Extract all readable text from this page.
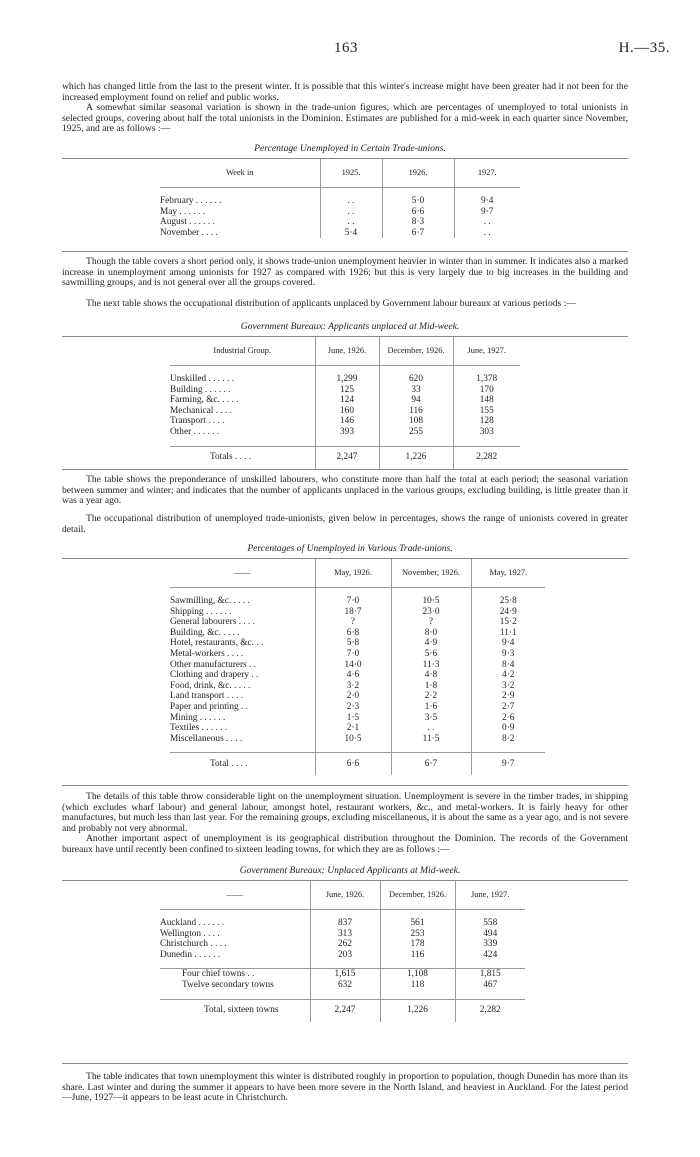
163	H.—35.

which has changed little from the last to the present winter. It is possible that this winter's increase might have been greater had it not been for the increased employment found on relief and public works.

A somewhat similar seasonal variation is shown in the trade-union figures, which are percentages of unemployed to total unionists in selected groups, covering about half the total unionists in the Dominion. Estimates are published for a mid-week in each quarter since November, 1925, and are as follows :—

Percentage Unemployed in Certain Trade-unions.
Week in	1925.	1926.	1927.

February . . . . . .	. .	5·0	9·4
May . . . . . .	. .	6·6	9·7
August . . . . . .	. .	8·3	. .
November . . . .	5·4	6·7	. .

Though the table covers a short period only, it shows trade-union unemployment heavier in winter than in summer. It indicates also a marked increase in unemployment among unionists for 1927 as compared with 1926; but this is very largely due to big increases in the building and sawmilling groups, and is not general over all the groups covered.

The next table shows the occupational distribution of applicants unplaced by Government labour bureaux at various periods :—

Government Bureaux: Applicants unplaced at Mid-week.
Industrial Group.	June, 1926.	December, 1926.	June, 1927.

Unskilled . . . . . .	1,299	620	1,378
Building . . . . . .	125	33	170
Farming, &c. . . . .	124	94	148
Mechanical . . . .	160	116	155
Transport . . . .	146	108	128
Other . . . . . .	393	255	303

Totals . . . .	2,247	1,226	2,282

The table shows the preponderance of unskilled labourers, who constitute more than half the total at each period; the seasonal variation between summer and winter; and indicates that the number of applicants unplaced in the various groups, excluding building, is little greater than it was a year ago.

The occupational distribution of unemployed trade-unionists, given below in percentages, shows the range of unionists covered in greater detail.

Percentages of Unemployed in Various Trade-unions.
——	May, 1926.	November, 1926.	May, 1927.

Sawmilling, &c. . . . .	7·0	10·5	25·8
Shipping . . . . . .	18·7	23·0	24·9
General labourers . . . .	?	?	15·2
Building, &c. . . . .	6·8	8·0	11·1
Hotel, restaurants, &c. . .	5·8	4·9	9·4
Metal-workers . . . .	7·0	5·6	9·3
Other manufacturers . .	14·0	11·3	8·4
Clothing and drapery . .	4·6	4·8	4·2
Food, drink, &c. . . . .	3·2	1·8	3·2
Land transport . . . .	2·0	2·2	2·9
Paper and printing . .	2·3	1·6	2·7
Mining . . . . . .	1·5	3·5	2·6
Textiles . . . . . .	2·1	. .	0·9
Miscellaneous . . . .	10·5	11·5	8·2

Total . . . .	6·6	6·7	9·7

The details of this table throw considerable light on the unemployment situation. Unemployment is severe in the timber trades, in shipping (which excludes wharf labour) and general labour, amongst hotel, restaurant workers, &c., and metal-workers. It is fairly heavy for other manufactures, but much less than last year. For the remaining groups, excluding miscellaneous, it is about the same as a year ago, and is not severe and probably not very abnormal.

Another important aspect of unemployment is its geographical distribution throughout the Dominion. The records of the Government bureaux have until recently been confined to sixteen leading towns, for which they are as follows :—

Government Bureaux: Unplaced Applicants at Mid-week.
——	June, 1926.	December, 1926.	June, 1927.

Auckland . . . . . .	837	561	558
Wellington . . . .	313	253	494
Christchurch . . . .	262	178	339
Dunedin . . . . . .	203	116	424

Four chief towns . .	1,615	1,108	1,815
Twelve secondary towns	632	118	467

Total, sixteen towns	2,247	1,226	2,282

The table indicates that town unemployment this winter is distributed roughly in proportion to population, though Dunedin has more than its share. Last winter and during the summer it appears to have been more severe in the North Island, and heaviest in Auckland. For the latest period—June, 1927—it appears to be least acute in Christchurch.
